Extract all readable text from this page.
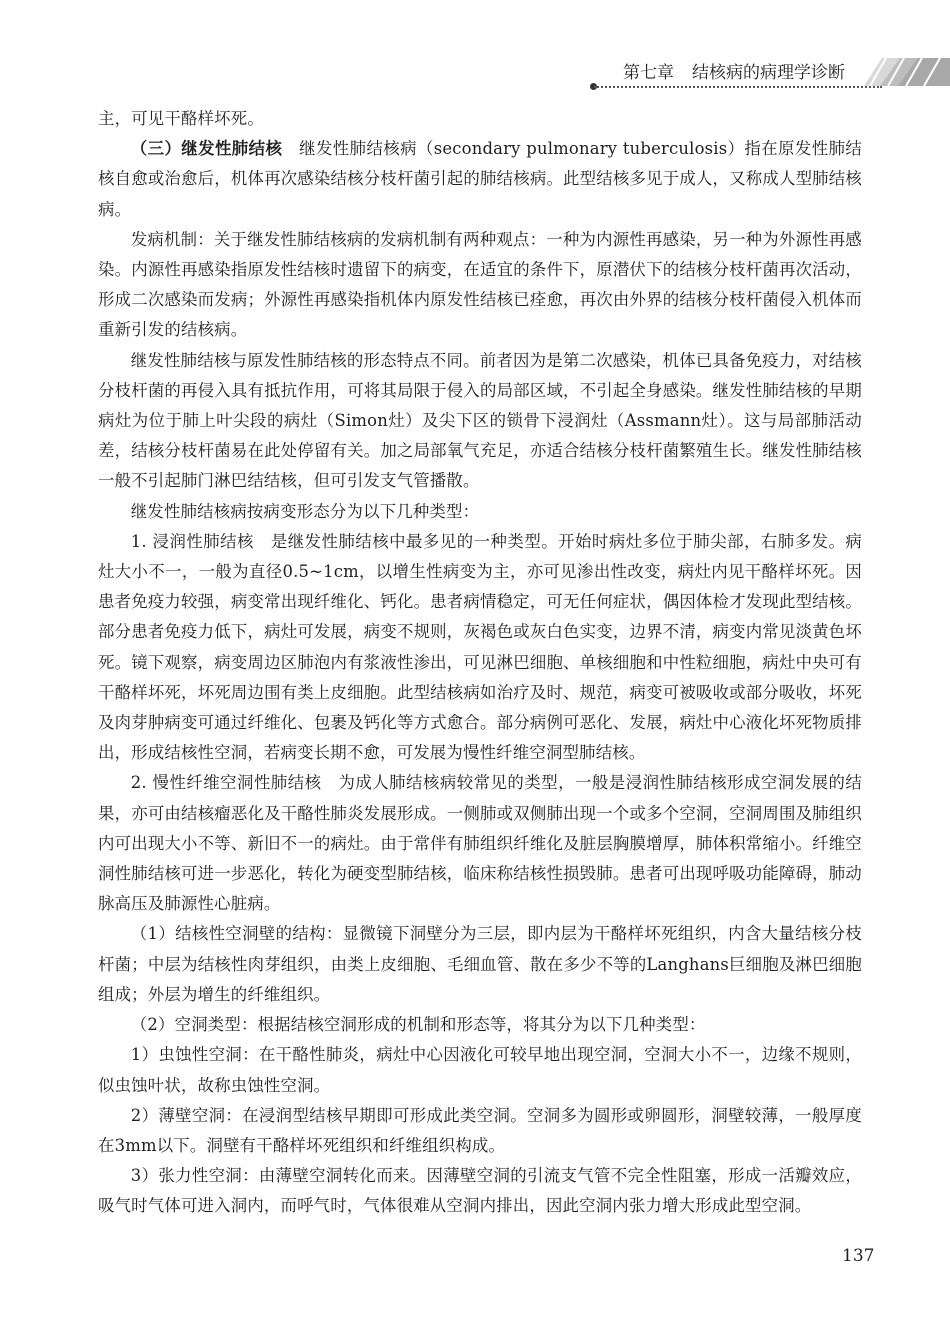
第七章 结核病的病理学诊断

主，可见干酪样坏死。

（三）继发性肺结核　 继发性肺结核病（secondary pulmonary tuberculosis）指在原发性肺结核自愈或治愈后，机体再次感染结核分枝杆菌引起的肺结核病。此型结核多见于成人，又称成人型肺结核病。

发病机制：关于继发性肺结核病的发病机制有两种观点：一种为内源性再感染，另一种为外源性再感染。内源性再感染指原发性结核时遗留下的病变，在适宜的条件下，原潜伏下的结核分枝杆菌再次活动，形成二次感染而发病；外源性再感染指机体内原发性结核已痊愈，再次由外界的结核分枝杆菌侵入机体而重新引发的结核病。

继发性肺结核与原发性肺结核的形态特点不同。前者因为是第二次感染，机体已具备免疫力，对结核分枝杆菌的再侵入具有抵抗作用，可将其局限于侵入的局部区域，不引起全身感染。继发性肺结核的早期病灶为位于肺上叶尖段的病灶（Simon灶）及尖下区的锁骨下浸润灶（Assmann灶）。这与局部肺活动差，结核分枝杆菌易在此处停留有关。加之局部氧气充足，亦适合结核分枝杆菌繁殖生长。继发性肺结核一般不引起肺门淋巴结结核，但可引发支气管播散。

继发性肺结核病按病变形态分为以下几种类型：

1. 浸润性肺结核　是继发性肺结核中最多见的一种类型。开始时病灶多位于肺尖部，右肺多发。病灶大小不一，一般为直径0.5~1cm，以增生性病变为主，亦可见渗出性改变，病灶内见干酪样坏死。因患者免疫力较强，病变常出现纤维化、钙化。患者病情稳定，可无任何症状，偶因体检才发现此型结核。部分患者免疫力低下，病灶可发展，病变不规则，灰褐色或灰白色实变，边界不清，病变内常见淡黄色坏死。镜下观察，病变周边区肺泡内有浆液性渗出，可见淋巴细胞、单核细胞和中性粒细胞，病灶中央可有干酪样坏死，坏死周边围有类上皮细胞。此型结核病如治疗及时、规范，病变可被吸收或部分吸收，坏死及肉芽肿病变可通过纤维化、包裹及钙化等方式愈合。部分病例可恶化、发展，病灶中心液化坏死物质排出，形成结核性空洞，若病变长期不愈，可发展为慢性纤维空洞型肺结核。

2. 慢性纤维空洞性肺结核　为成人肺结核病较常见的类型，一般是浸润性肺结核形成空洞发展的结果，亦可由结核瘤恶化及干酪性肺炎发展形成。一侧肺或双侧肺出现一个或多个空洞，空洞周围及肺组织内可出现大小不等、新旧不一的病灶。由于常伴有肺组织纤维化及脏层胸膜增厚，肺体积常缩小。纤维空洞性肺结核可进一步恶化，转化为硬变型肺结核，临床称结核性损毁肺。患者可出现呼吸功能障碍，肺动脉高压及肺源性心脏病。

（1）结核性空洞壁的结构：显微镜下洞壁分为三层，即内层为干酪样坏死组织，内含大量结核分枝杆菌；中层为结核性肉芽组织，由类上皮细胞、毛细血管、散在多少不等的Langhans巨细胞及淋巴细胞组成；外层为增生的纤维组织。

（2）空洞类型：根据结核空洞形成的机制和形态等，将其分为以下几种类型：

1）虫蚀性空洞：在干酪性肺炎，病灶中心因液化可较早地出现空洞，空洞大小不一，边缘不规则，似虫蚀叶状，故称虫蚀性空洞。

2）薄壁空洞：在浸润型结核早期即可形成此类空洞。空洞多为圆形或卵圆形，洞壁较薄，一般厚度在3mm以下。洞壁有干酪样坏死组织和纤维组织构成。

3）张力性空洞：由薄壁空洞转化而来。因薄壁空洞的引流支气管不完全性阻塞，形成一活瓣效应，吸气时气体可进入洞内，而呼气时，气体很难从空洞内排出，因此空洞内张力增大形成此型空洞。

137
